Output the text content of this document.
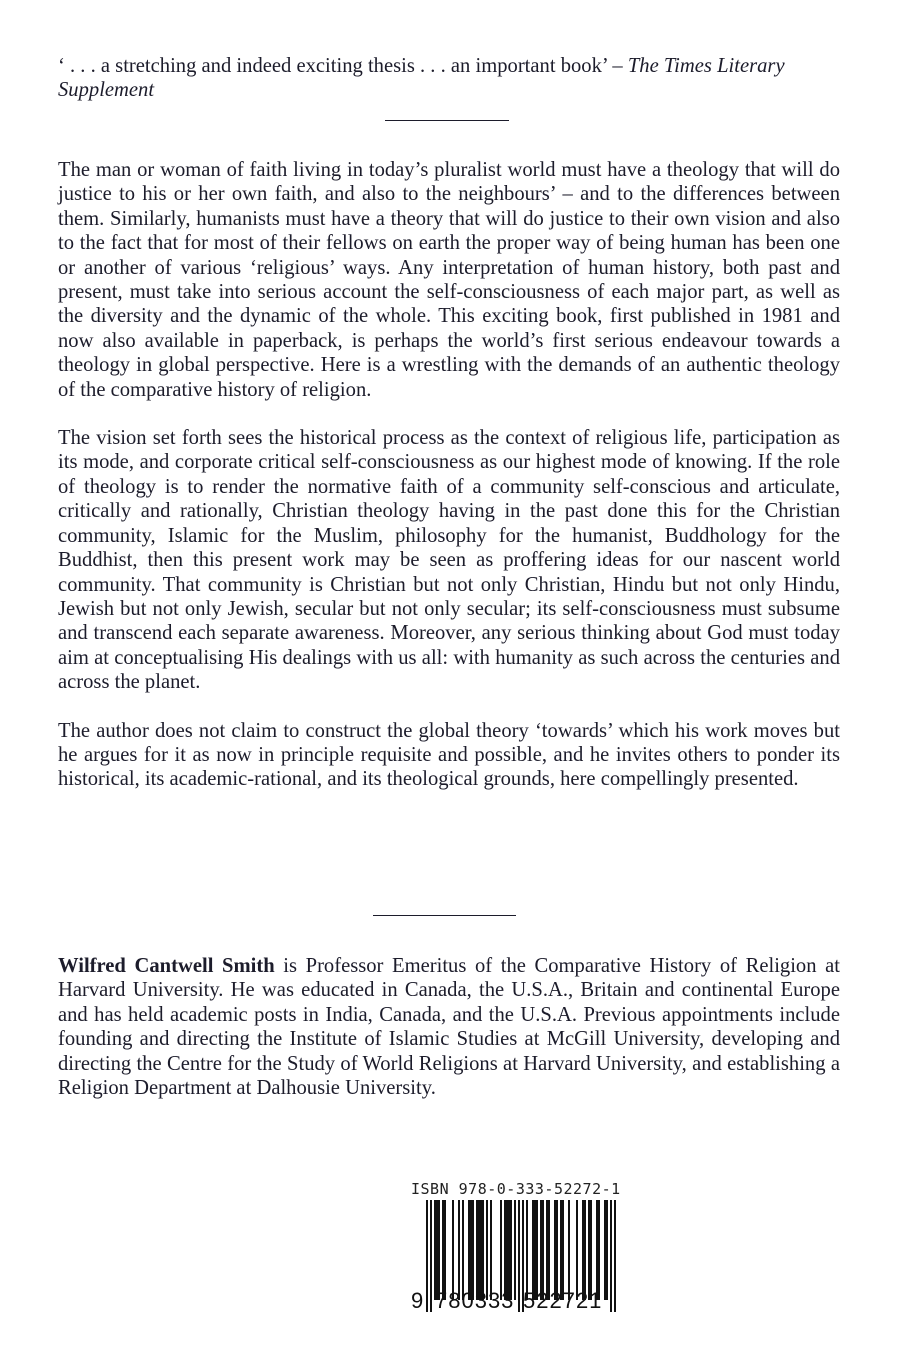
‘ . . . a stretching and indeed exciting thesis . . . an important book’ – The Times Literary Supplement

The man or woman of faith living in today’s pluralist world must have a theology that will do justice to his or her own faith, and also to the neighbours’ – and to the differences between them. Similarly, humanists must have a theory that will do justice to their own vision and also to the fact that for most of their fellows on earth the proper way of being human has been one or another of various ‘religious’ ways. Any interpretation of human history, both past and present, must take into serious account the self-consciousness of each major part, as well as the diversity and the dynamic of the whole. This exciting book, first published in 1981 and now also available in paperback, is perhaps the world’s first serious endeavour towards a theology in global perspective. Here is a wrestling with the demands of an authentic theology of the comparative history of religion.

The vision set forth sees the historical process as the context of religious life, participation as its mode, and corporate critical self-consciousness as our highest mode of knowing. If the role of theology is to render the normative faith of a community self-conscious and articulate, critically and rationally, Christian theology having in the past done this for the Christian community, Islamic for the Muslim, philosophy for the humanist, Buddhology for the Buddhist, then this present work may be seen as proffering ideas for our nascent world community. That community is Christian but not only Christian, Hindu but not only Hindu, Jewish but not only Jewish, secular but not only secular; its self-consciousness must subsume and transcend each separate awareness. Moreover, any serious thinking about God must today aim at conceptualising His dealings with us all: with humanity as such across the centuries and across the planet.

The author does not claim to construct the global theory ‘towards’ which his work moves but he argues for it as now in principle requisite and possible, and he invites others to ponder its historical, its academic-rational, and its theological grounds, here compellingly presented.

Wilfred Cantwell Smith is Professor Emeritus of the Comparative History of Religion at Harvard University. He was educated in Canada, the U.S.A., Britain and continental Europe and has held academic posts in India, Canada, and the U.S.A. Previous appointments include founding and directing the Institute of Islamic Studies at McGill University, developing and directing the Centre for the Study of World Religions at Harvard University, and establishing a Religion Department at Dalhousie University.
ISBN 978-0-333-52272-1
9 780333 522721
